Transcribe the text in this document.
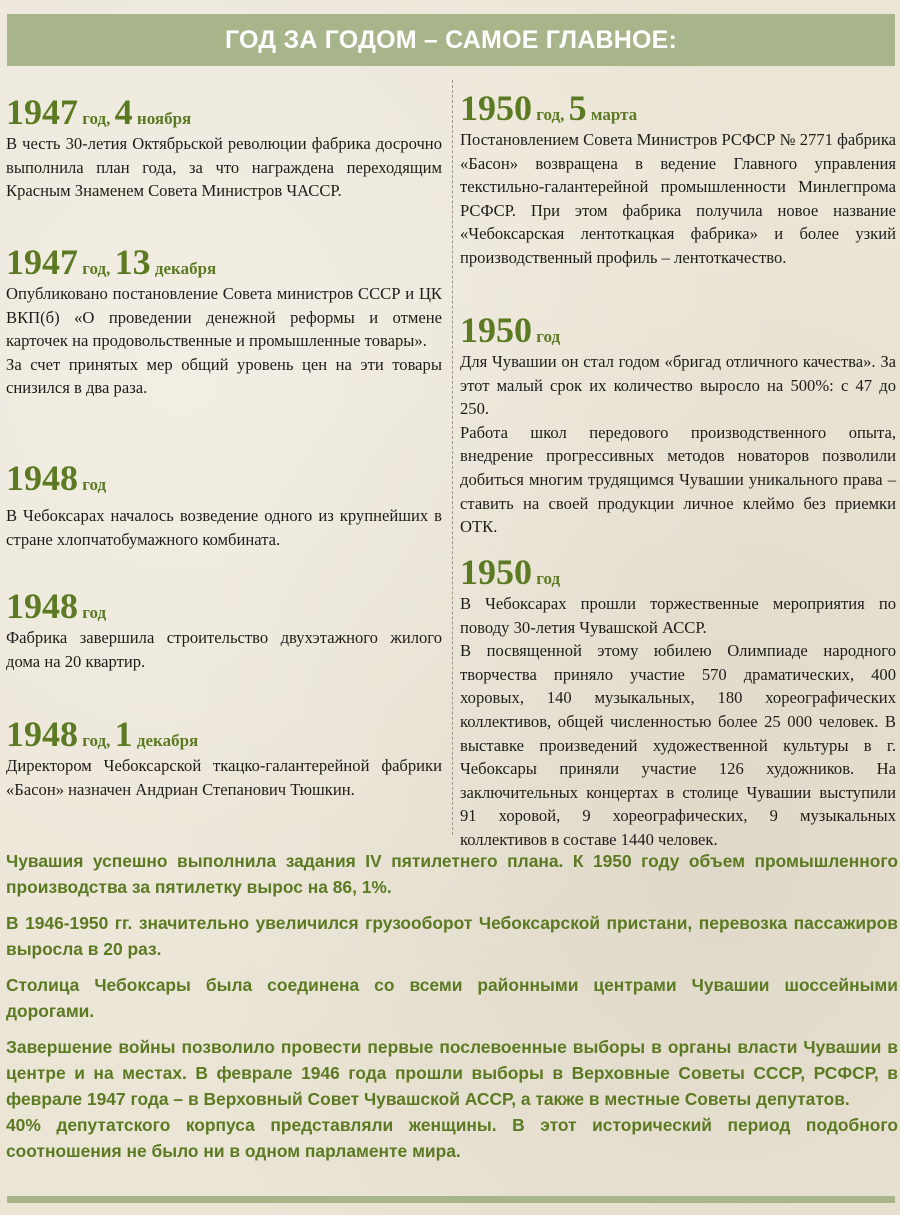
ГОД ЗА ГОДОМ – САМОЕ ГЛАВНОЕ:
1947 год, 4 ноября

В честь 30-летия Октябрьской революции фабрика досрочно выполнила план года, за что награждена переходящим Красным Знаменем Совета Министров ЧАССР.

1947 год, 13 декабря

Опубликовано постановление Совета министров СССР и ЦК ВКП(б) «О проведении денежной реформы и отмене карточек на продовольственные и промышленные товары».

За счет принятых мер общий уровень цен на эти товары снизился в два раза.

1948 год

В Чебоксарах началось возведение одного из крупнейших в стране хлопчатобумажного комбината.

1948 год

Фабрика завершила строительство двухэтажного жилого дома на 20 квартир.

1948 год, 1 декабря

Директором Чебоксарской ткацко-галантерейной фабрики «Басон» назначен Андриан Степанович Тюшкин.

1950 год, 5 марта

Постановлением Совета Министров РСФСР № 2771 фабрика «Басон» возвращена в ведение Главного управления текстильно-галантерейной промышленности Минлегпрома РСФСР. При этом фабрика получила новое название «Чебоксарская лентоткацкая фабрика» и более узкий производственный профиль – лентоткачество.

1950 год

Для Чувашии он стал годом «бригад отличного качества». За этот малый срок их количество выросло на 500%: с 47 до 250.

Работа школ передового производственного опыта, внедрение прогрессивных методов новаторов позволили добиться многим трудящимся Чувашии уникального права – ставить на своей продукции личное клеймо без приемки ОТК.

1950 год

В Чебоксарах прошли торжественные мероприятия по поводу 30-летия Чувашской АССР.

В посвященной этому юбилею Олимпиаде народного творчества приняло участие 570 драматических, 400 хоровых, 140 музыкальных, 180 хореографических коллективов, общей численностью более 25 000 человек. В выставке произведений художественной культуры в г. Чебоксары приняли участие 126 художников. На заключительных концертах в столице Чувашии выступили 91 хоровой, 9 хореографических, 9 музыкальных коллективов в составе 1440 человек.

Чувашия успешно выполнила задания IV пятилетнего плана. К 1950 году объем промышленного производства за пятилетку вырос на 86, 1%.

В 1946-1950 гг. значительно увеличился грузооборот Чебоксарской пристани, перевозка пассажиров выросла в 20 раз.

Столица Чебоксары была соединена со всеми районными центрами Чувашии шоссейными дорогами.

Завершение войны позволило провести первые послевоенные выборы в органы власти Чувашии в центре и на местах. В феврале 1946 года прошли выборы в Верховные Советы СССР, РСФСР, в феврале 1947 года – в Верховный Совет Чувашской АССР, а также в местные Советы депутатов.

40% депутатского корпуса представляли женщины. В этот исторический период подобного соотношения не было ни в одном парламенте мира.
